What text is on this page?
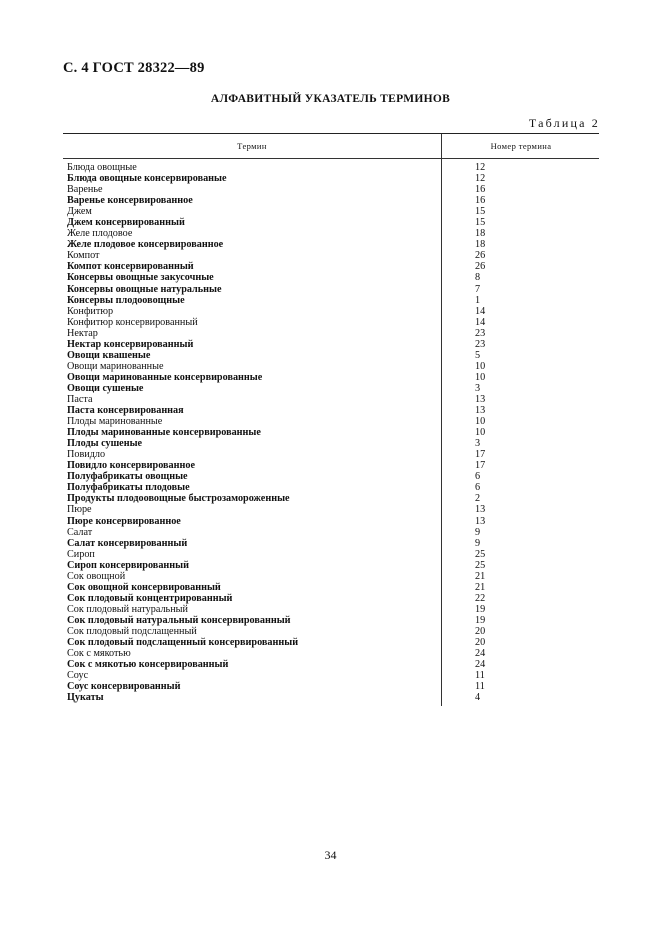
С. 4 ГОСТ 28322—89
АЛФАВИТНЫЙ УКАЗАТЕЛЬ ТЕРМИНОВ
Таблица 2
Термин	Номер термина
Блюда овощные	12
Блюда овощные консервированые	12
Варенье	16
Варенье консервированное	16
Джем	15
Джем консервированный	15
Желе плодовое	18
Желе плодовое консервированное	18
Компот	26
Компот консервированный	26
Консервы овощные закусочные	8
Консервы овощные натуральные	7
Консервы плодоовощные	1
Конфитюр	14
Конфитюр консервированный	14
Нектар	23
Нектар консервированный	23
Овощи квашеные	5
Овощи маринованные	10
Овощи маринованные консервированные	10
Овощи сушеные	3
Паста	13
Паста консервированная	13
Плоды маринованные	10
Плоды маринованные консервированные	10
Плоды сушеные	3
Повидло	17
Повидло консервированное	17
Полуфабрикаты овощные	6
Полуфабрикаты плодовые	6
Продукты плодоовощные быстрозамороженные	2
Пюре	13
Пюре консервированное	13
Салат	9
Салат консервированный	9
Сироп	25
Сироп консервированный	25
Сок овощной	21
Сок овощной консервированный	21
Сок плодовый концентрированный	22
Сок плодовый натуральный	19
Сок плодовый натуральный консервированный	19
Сок плодовый подслащенный	20
Сок плодовый подслащенный консервированный	20
Сок с мякотью	24
Сок с мякотью консервированный	24
Соус	11
Соус консервированный	11
Цукаты	4
34
